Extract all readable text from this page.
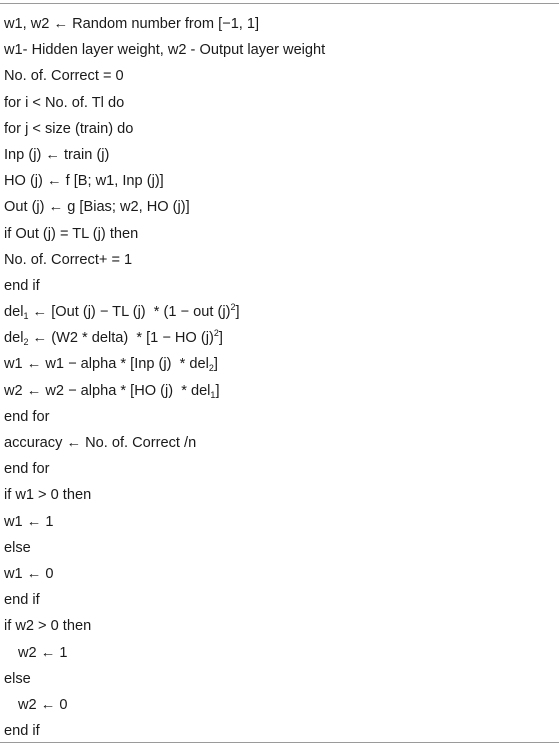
w1, w2 ← Random number from [−1, 1]
w1- Hidden layer weight, w2 - Output layer weight
No. of. Correct = 0
for i < No. of. Tl do
for j < size (train) do
Inp (j) ← train (j)
HO (j) ← f [B; w1, Inp (j)]
Out (j) ← g [Bias; w2, HO (j)]
if Out (j) = TL (j) then
No. of. Correct+ = 1
end if
del$_1$ ← [Out (j) − TL (j)  * (1 − out $(j)^2$]
del$_2$ ← (W2 * delta)  * [1 − HO $(j)^2$]
w1 ← w1 − alpha * [Inp (j)  * del$_2$]
w2 ← w2 − alpha * [HO (j)  * del$_1$]
end for
accuracy ← No. of. Correct /n
end for
if w1 > 0 then
w1 ← 1
else
w1 ← 0
end if
if w2 > 0 then
w2 ← 1
else
w2 ← 0
end if
